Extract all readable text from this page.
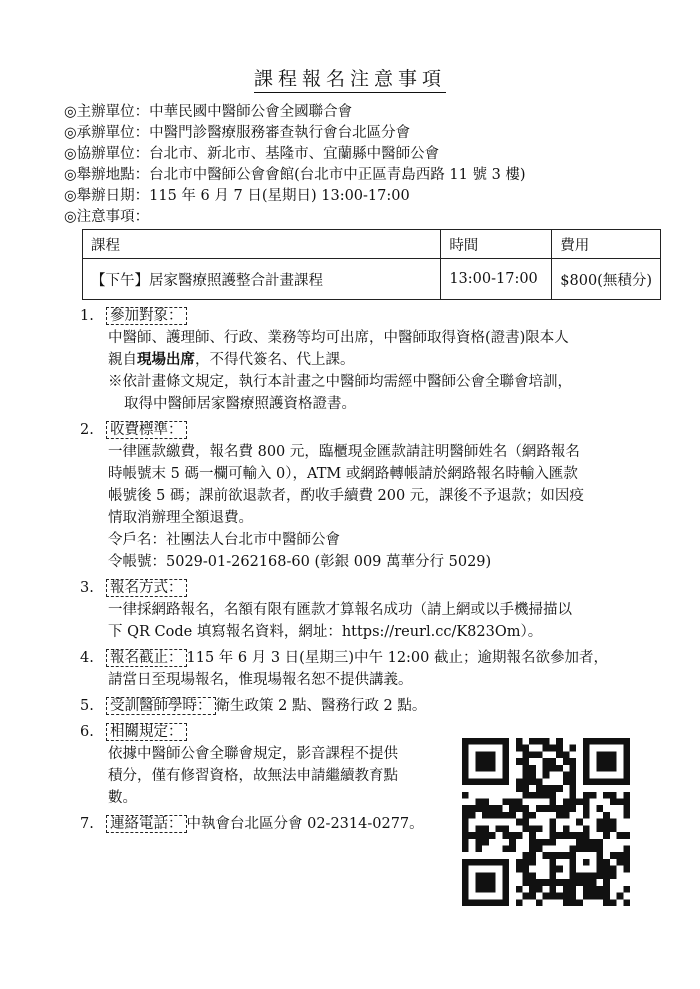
課程報名注意事項
◎主辦單位：中華民國中醫師公會全國聯合會
◎承辦單位：中醫門診醫療服務審查執行會台北區分會
◎協辦單位：台北市、新北市、基隆市、宜蘭縣中醫師公會
◎舉辦地點：台北市中醫師公會會館(台北市中正區青島西路 11 號 3 樓)
◎舉辦日期：115 年 6 月 7 日(星期日) 13:00-17:00
◎注意事項：
課程	時間	費用
【下午】居家醫療照護整合計畫課程	13:00-17:00	$800(無積分)
1. 參加對象：
中醫師、護理師、行政、業務等均可出席，中醫師取得資格(證書)限本人
親自現場出席，不得代簽名、代上課。
※依計畫條文規定，執行本計畫之中醫師均需經中醫師公會全聯會培訓，
取得中醫師居家醫療照護資格證書。
2. 收費標準：
一律匯款繳費，報名費 800 元，臨櫃現金匯款請註明醫師姓名（網路報名
時帳號末 5 碼一欄可輸入 0），ATM 或網路轉帳請於網路報名時輸入匯款
帳號後 5 碼；課前欲退款者，酌收手續費 200 元，課後不予退款；如因疫
情取消辦理全額退費。
令戶名：社團法人台北市中醫師公會
令帳號：5029-01-262168-60 (彰銀 009 萬華分行 5029)
3. 報名方式：
一律採網路報名，名額有限有匯款才算報名成功（請上網或以手機掃描以
下 QR Code 填寫報名資料，網址：https://reurl.cc/K823Om）。
4. 報名截止： 115 年 6 月 3 日(星期三)中午 12:00 截止；逾期報名欲參加者，
請當日至現場報名，惟現場報名恕不提供講義。
5. 受訓醫師學時： 衛生政策 2 點、醫務行政 2 點。
6. 相關規定：
依據中醫師公會全聯會規定，影音課程不提供
積分，僅有修習資格，故無法申請繼續教育點
數。
7. 連絡電話： 中執會台北區分會 02-2314-0277。
